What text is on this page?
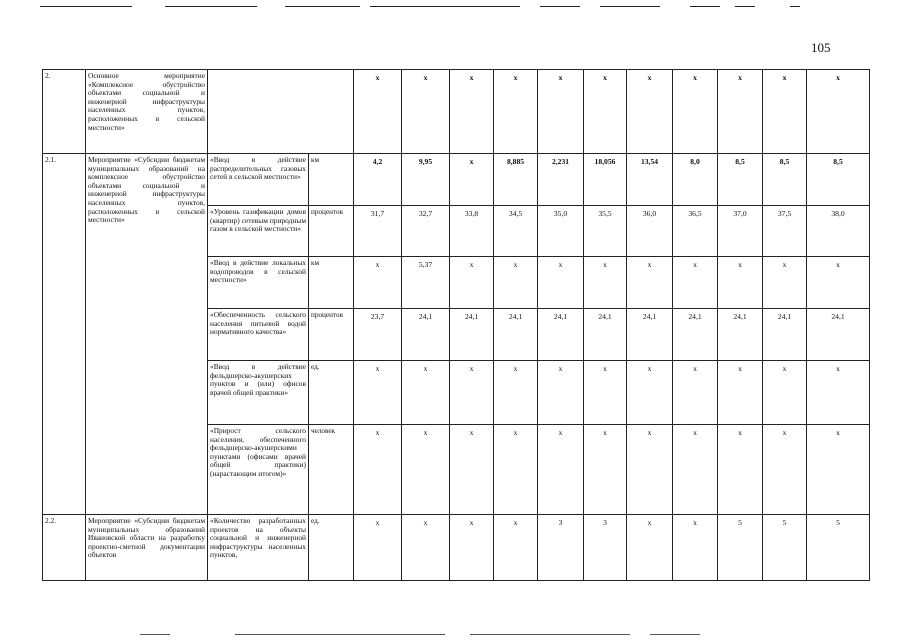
105
2.	Основное мероприятие «Комплексное обустройство объектами социальной и инженерной инфраструктуры населенных пунктов, расположенных в сельской местности»			х	х	х	х	х	х	х	х	х	х	х	
2.1.	Мероприятие «Субсидии бюджетам муниципальных образований на комплексное обустройство объектами социальной и инженерной инфраструктуры населенных пунктов, расположенных в сельской местности»	«Ввод в действие распределительных газовых сетей в сельской местности»	км	4,2	9,95	х	8,885	2,231	18,056	13,54	8,0	8,5	8,5	8,5	
		«Уровень газификации домов (квартир) сетевым природным газом в сельской местности»	процентов	31,7	32,7	33,8	34,5	35,0	35,5	36,0	36,5	37,0	37,5	38,0	
		«Ввод в действие локальных водопроводов в сельской местности»	км	х	5,37	х	х	х	х	х	х	х	х	х	
		«Обеспеченность сельского населения питьевой водой нормативного качества»	процентов	23,7	24,1	24,1	24,1	24,1	24,1	24,1	24,1	24,1	24,1	24,1	
		«Ввод в действие фельдшерско-акушерских пунктов и (или) офисов врачей общей практики»	ед.	х	х	х	х	х	х	х	х	х	х	х	
		«Прирост сельского населения, обеспеченного фельдшерско-акушерскими пунктами (офисами врачей общей практики) (нарастающим итогом)»	человек	х	х	х	х	х	х	х	х	х	х	х	
2.2.	Мероприятие «Субсидии бюджетам муниципальных образований Ивановской области на разработку проектно-сметной документации объектов	«Количество разработанных проектов на объекты социальной и инженерной инфраструктуры населенных пунктов,	ед.	х	х	х	х	3	3	х	х	5	5	5	
